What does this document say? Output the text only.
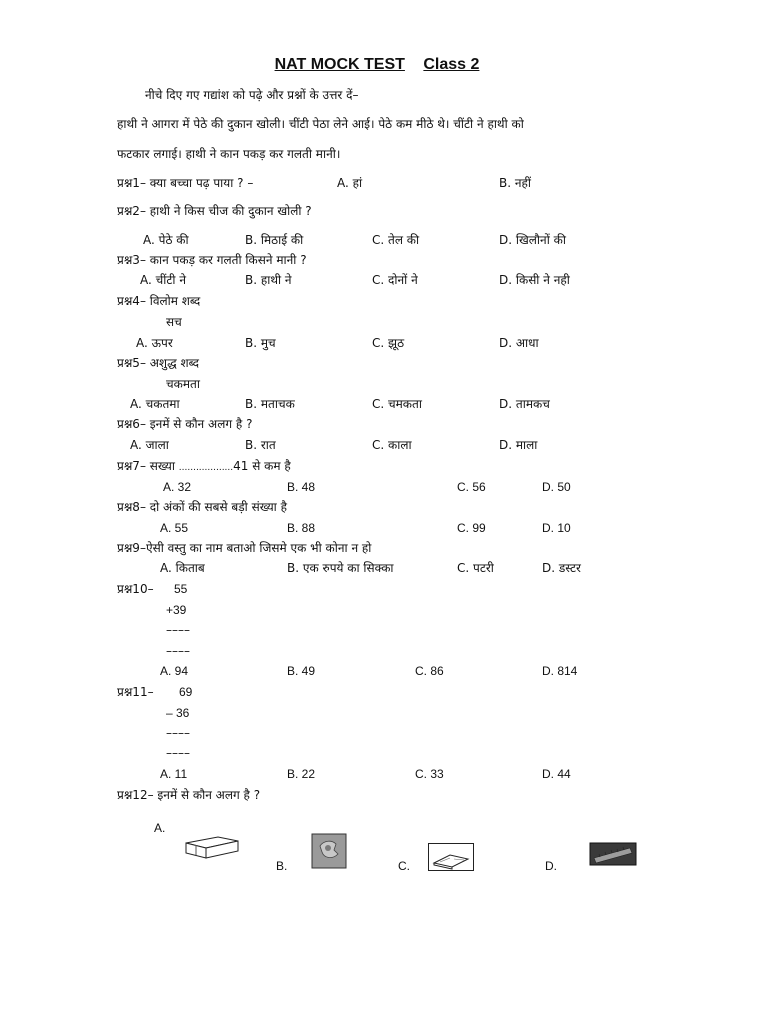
NAT MOCK TEST Class 2
नीचे दिए गए गद्यांश को पढ़े और प्रश्नों के उत्तर दें–
हाथी ने आगरा में पेठे की दुकान खोली। चींटी पेठा लेने आई। पेठे कम मीठे थे। चींटी ने हाथी को
फटकार लगाई। हाथी ने कान पकड़ कर गलती मानी।
प्रश्न1– क्या बच्चा पढ़ पाया ? –	A. हां	B. नहीं
प्रश्न2– हाथी ने किस चीज की दुकान खोली ?
A. पेठे की	B. मिठाई की	C. तेल की	D. खिलौनों की
प्रश्न3– कान पकड़ कर गलती किसने मानी ?
A. चींटी ने	B. हाथी ने	C. दोनों ने	D. किसी ने नही
प्रश्न4– विलोम शब्द
सच
A. ऊपर	B. मुच	C. झूठ	D. आधा
प्रश्न5– अशुद्ध शब्द
चकमता
A. चकतमा	B. मताचक	C. चमकता	D. तामकच
प्रश्न6– इनमें से कौन अलग है ?
A. जाला	B. रात	C. काला	D. माला
प्रश्न7– सख्या ...................41 से कम है
A. 32	B. 48	C. 56	D. 50
प्रश्न8– दो अंकों की सबसे बड़ी संख्या है
A. 55	B. 88	C. 99	D. 10
प्रश्न9–ऐसी वस्तु का नाम बताओ जिसमे एक भी कोना न हो
A. किताब	B. एक रुपये का सिक्का	C. पटरी	D. डस्टर
प्रश्न10– 55
+39
––––
––––
A. 94	B. 49	C. 86	D. 814
प्रश्न11– 69
– 36
––––
––––
A. 11	B. 22	C. 33	D. 44
प्रश्न12– इनमें से कौन अलग है ?
A.
B.	C.	D.
